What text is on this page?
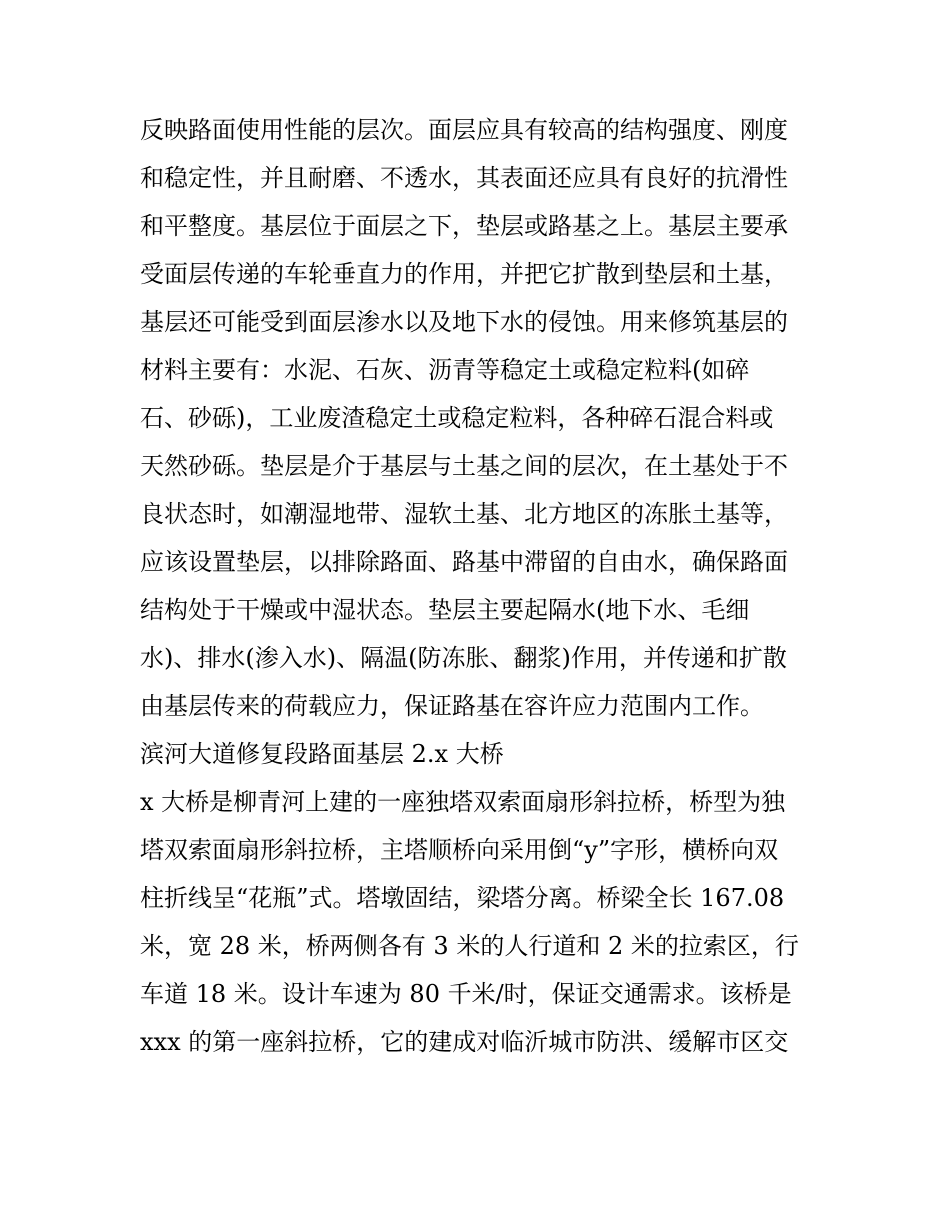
反映路面使用性能的层次。面层应具有较高的结构强度、刚度
和稳定性，并且耐磨、不透水，其表面还应具有良好的抗滑性
和平整度。基层位于面层之下，垫层或路基之上。基层主要承
受面层传递的车轮垂直力的作用，并把它扩散到垫层和土基，
基层还可能受到面层渗水以及地下水的侵蚀。用来修筑基层的
材料主要有：水泥、石灰、沥青等稳定土或稳定粒料(如碎
石、砂砾)，工业废渣稳定土或稳定粒料，各种碎石混合料或
天然砂砾。垫层是介于基层与土基之间的层次，在土基处于不
良状态时，如潮湿地带、湿软土基、北方地区的冻胀土基等，
应该设置垫层，以排除路面、路基中滞留的自由水，确保路面
结构处于干燥或中湿状态。垫层主要起隔水(地下水、毛细
水)、排水(渗入水)、隔温(防冻胀、翻浆)作用，并传递和扩散
由基层传来的荷载应力，保证路基在容许应力范围内工作。
滨河大道修复段路面基层 2.x 大桥
x 大桥是柳青河上建的一座独塔双索面扇形斜拉桥，桥型为独
塔双索面扇形斜拉桥，主塔顺桥向采用倒“y”字形，横桥向双
柱折线呈“花瓶”式。塔墩固结，梁塔分离。桥梁全长 167.08
米，宽 28 米，桥两侧各有 3 米的人行道和 2 米的拉索区，行
车道 18 米。设计车速为 80 千米/时，保证交通需求。该桥是
xxx 的第一座斜拉桥，它的建成对临沂城市防洪、缓解市区交
